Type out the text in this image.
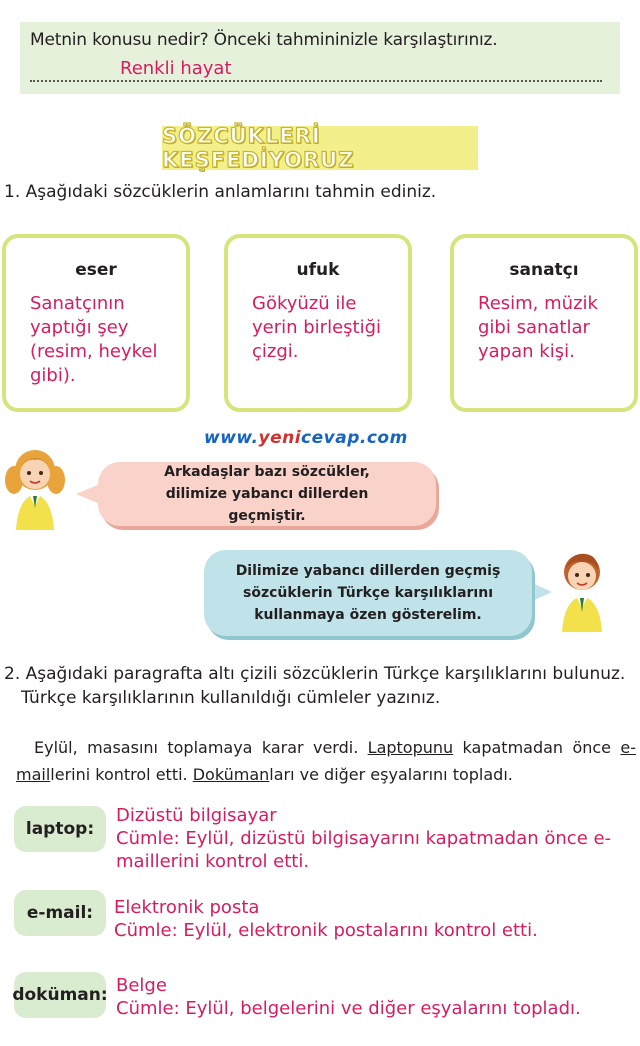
Metnin konusu nedir? Önceki tahmininizle karşılaştırınız.
Renkli hayat
SÖZCÜKLERİ KEŞFEDİYORUZ
1. Aşağıdaki sözcüklerin anlamlarını tahmin ediniz.
eser
Sanatçının yaptığı şey (resim, heykel gibi).
ufuk
Gökyüzü ile yerin birleştiği çizgi.
sanatçı
Resim, müzik gibi sanatlar yapan kişi.
www.yenicevap.com
Arkadaşlar bazı sözcükler, dilimize yabancı dillerden geçmiştir.
Dilimize yabancı dillerden geçmiş sözcüklerin Türkçe karşılıklarını kullanmaya özen gösterelim.
2. Aşağıdaki paragrafta altı çizili sözcüklerin Türkçe karşılıklarını bulunuz.
Türkçe karşılıklarının kullanıldığı cümleler yazınız.
Eylül, masasını toplamaya karar verdi. Laptopunu kapatmadan önce e-maillerini kontrol etti. Dokümanları ve diğer eşyalarını topladı.
laptop:
Dizüstü bilgisayar
Cümle: Eylül, dizüstü bilgisayarını kapatmadan önce e-maillerini kontrol etti.
e-mail:	Elektronik posta
Cümle: Eylül, elektronik postalarını kontrol etti.
doküman: Belge
Cümle: Eylül, belgelerini ve diğer eşyalarını topladı.
